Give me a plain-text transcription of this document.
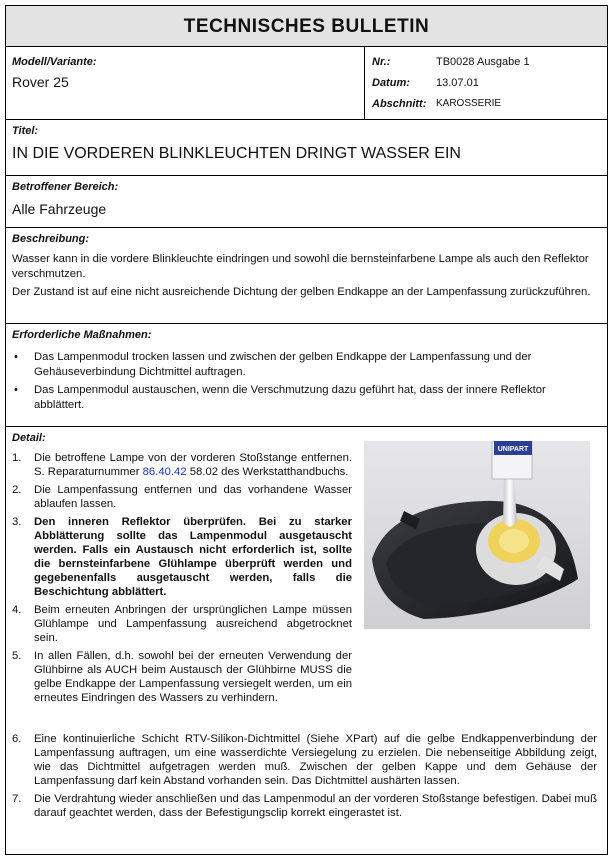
TECHNISCHES BULLETIN
Modell/Variante:
Rover 25
Nr.:	TB0028 Ausgabe 1
Datum: 13.07.01
Abschnitt: KAROSSERIE
Titel:
IN DIE VORDEREN BLINKLEUCHTEN DRINGT WASSER EIN
Betroffener Bereich:
Alle Fahrzeuge
Beschreibung:

Wasser kann in die vordere Blinkleuchte eindringen und sowohl die bernsteinfarbene Lampe als auch den Reflektor verschmutzen.

Der Zustand ist auf eine nicht ausreichende Dichtung der gelben Endkappe an der Lampenfassung zurückzuführen.

Erforderliche Maßnahmen:
• Das Lampenmodul trocken lassen und zwischen der gelben Endkappe der Lampenfassung und der Gehäuseverbindung Dichtmittel auftragen.
• Das Lampenmodul austauschen, wenn die Verschmutzung dazu geführt hat, dass der innere Reflektor abblättert.
Detail:
1. Die betroffene Lampe von der vorderen Stoßstange entfernen. S. Reparaturnummer 86.40.42 58.02 des Werkstatthandbuchs.
2. Die Lampenfassung entfernen und das vorhandene Wasser ablaufen lassen.
3. Den inneren Reflektor überprüfen. Bei zu starker Abblätterung sollte das Lampenmodul ausgetauscht werden. Falls ein Austausch nicht erforderlich ist, sollte die bernsteinfarbene Glühlampe überprüft werden und gegebenenfalls ausgetauscht werden, falls die Beschichtung abblättert.
4. Beim erneuten Anbringen der ursprünglichen Lampe müssen Glühlampe und Lampenfassung ausreichend abgetrocknet sein.
5. In allen Fällen, d.h. sowohl bei der erneuten Verwendung der Glühbirne als AUCH beim Austausch der Glühbirne MUSS die gelbe Endkappe der Lampenfassung versiegelt werden, um ein erneutes Eindringen des Wassers zu verhindern.
6. Eine kontinuierliche Schicht RTV-Silikon-Dichtmittel (Siehe XPart) auf die gelbe Endkappenverbindung der Lampenfassung auftragen, um eine wasserdichte Versiegelung zu erzielen. Die nebenseitige Abbildung zeigt, wie das Dichtmittel aufgetragen werden muß. Zwischen der gelben Kappe und dem Gehäuse der Lampenfassung darf kein Abstand vorhanden sein. Das Dichtmittel aushärten lassen.
7. Die Verdrahtung wieder anschließen und das Lampenmodul an der vorderen Stoßstange befestigen. Dabei muß darauf geachtet werden, dass der Befestigungsclip korrekt eingerastet ist.
UNIPART
